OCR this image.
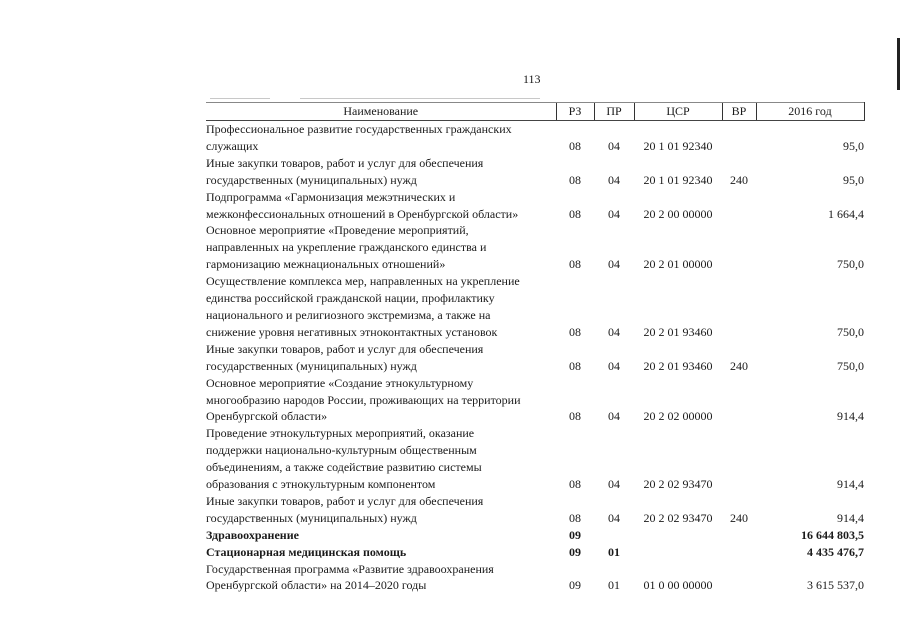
113
Наименование	РЗ	ПР	ЦСР	ВР	2016 год

Профессиональное развитие государственных гражданских
служащих	08	04	20 1 01 92340		95,0

Иные закупки товаров, работ и услуг для обеспечения
государственных (муниципальных) нужд	08	04	20 1 01 92340	240	95,0

Подпрограмма «Гармонизация межэтнических и
межконфессиональных отношений в Оренбургской области»	08	04	20 2 00 00000		1 664,4

Основное мероприятие «Проведение мероприятий,
направленных на укрепление гражданского единства и
гармонизацию межнациональных отношений»	08	04	20 2 01 00000		750,0

Осуществление комплекса мер, направленных на укрепление
единства российской гражданской нации, профилактику
национального и религиозного экстремизма, а также на
снижение уровня негативных этноконтактных установок	08	04	20 2 01 93460		750,0

Иные закупки товаров, работ и услуг для обеспечения
государственных (муниципальных) нужд	08	04	20 2 01 93460	240	750,0

Основное мероприятие «Создание этнокультурному
многообразию народов России, проживающих на территории
Оренбургской области»	08	04	20 2 02 00000		914,4

Проведение этнокультурных мероприятий, оказание
поддержки национально-культурным общественным
объединениям, а также содействие развитию системы
образования с этнокультурным компонентом	08	04	20 2 02 93470		914,4

Иные закупки товаров, работ и услуг для обеспечения
государственных (муниципальных) нужд	08	04	20 2 02 93470	240	914,4

Здравоохранение	09				16 644 803,5

Стационарная медицинская помощь	09	01			4 435 476,7

Государственная программа «Развитие здравоохранения
Оренбургской области» на 2014–2020 годы	09	01	01 0 00 00000		3 615 537,0
